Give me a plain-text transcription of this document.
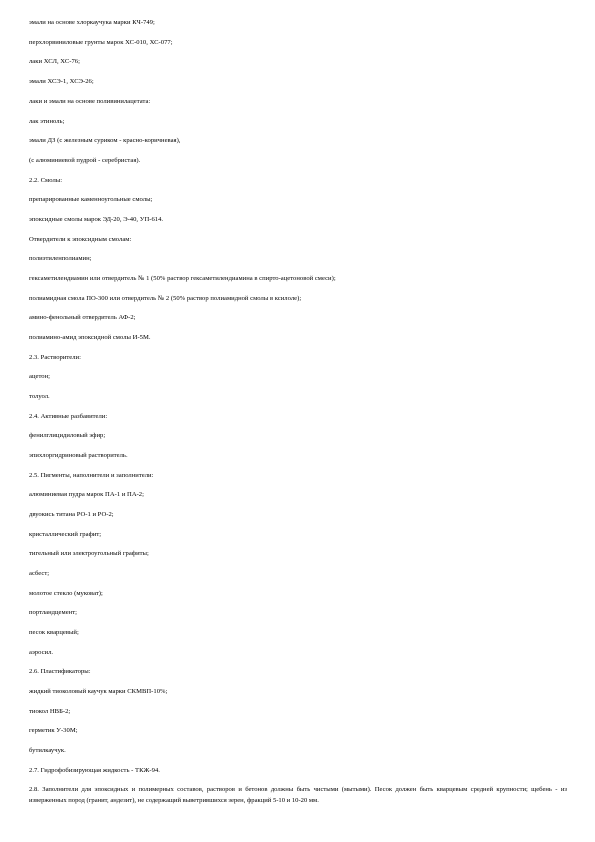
эмали на основе хлоркаучука марки КЧ-749;
перхлорвиниловые грунты марок ХС-010, ХС-077;
лаки ХСЛ, ХС-76;
эмали ХСЭ-1, ХСЭ-26;
лаки и эмали на основе поливинилацетата:
лак этиноль;
эмали ДЗ (с железным суриком - красно-коричневая),
(с алюминиевой пудрой - серебристая).
2.2. Смолы:
препарированные каменноугольные смолы;
эпоксидные смолы марок ЭД-20, Э-40, УП-614.
Отвердители к эпоксидным смолам:
полиэтиленполиамин;
гексаметилендиамин или отвердитель № 1 (50% раствор гексаметилендиамина в спирто-ацетоновой смеси);
полиамидная смола ПО-300 или отвердитель № 2 (50% раствор полиамидной смолы в ксилоле);
амино-фенольный отвердитель АФ-2;
полиамино-амид эпоксидной смолы И-5М.
2.3. Растворители:
ацетон;
толуол.
2.4. Активные разбавители:
фенилглицидиловый эфир;
эпихлоргидриновый растворитель.
2.5. Пигменты, наполнители и заполнители:
алюминиевая пудра марок ПА-1 и ПА-2;
двуокись титана РО-1 и РО-2;
кристаллический графит;
тигельный или электроугольный графиты;
асбест;
молотое стекло (муковат);
портландцемент;
песок кварцевый;
аэросил.
2.6. Пластификаторы:
жидкий тиоколовый каучук марки СКМВП-10%;
тиокол НВБ-2;
герметик У-30М;
бутилкаучук.
2.7. Гидрофобизирующая жидкость - ТКЖ-94.
2.8. Заполнители для эпоксидных и полимерных составов, растворов и бетонов должны быть чистыми (мытыми). Песок должен быть кварцевым средней крупности; щебень - из изверженных пород (гранит, андезит), не содержащий выветрившихся зерен, фракций 5-10 и 10-20 мм.
